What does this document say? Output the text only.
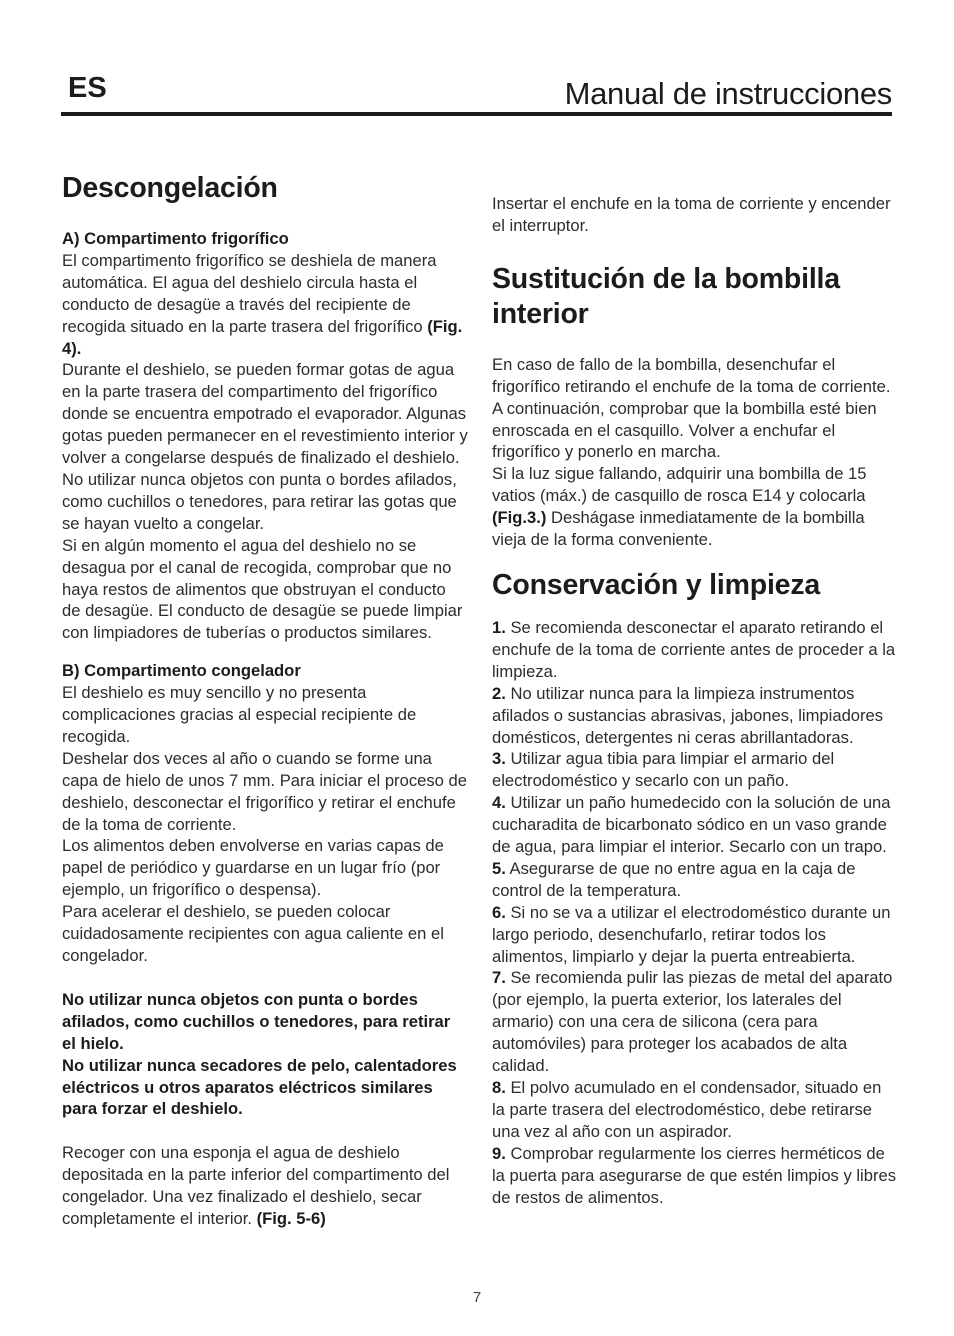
ES	Manual de instrucciones
Descongelación
A) Compartimento frigorífico

El compartimento frigorífico se deshiela de manera automática. El agua del deshielo circula hasta el conducto de desagüe a través del recipiente de recogida situado en la parte trasera del frigorífico (Fig. 4).

Durante el deshielo, se pueden formar gotas de agua en la parte trasera del compartimento del frigorífico donde se encuentra empotrado el evaporador. Algunas gotas pueden permanecer en el revestimiento interior y volver a congelarse después de finalizado el deshielo. No utilizar nunca objetos con punta o bordes afilados, como cuchillos o tenedores, para retirar las gotas que se hayan vuelto a congelar.

Si en algún momento el agua del deshielo no se desagua por el canal de recogida, comprobar que no haya restos de alimentos que obstruyan el conducto de desagüe. El conducto de desagüe se puede limpiar con limpiadores de tuberías o productos similares.

B) Compartimento congelador

El deshielo es muy sencillo y no presenta complicaciones gracias al especial recipiente de recogida.

Deshelar dos veces al año o cuando se forme una capa de hielo de unos 7 mm. Para iniciar el proceso de deshielo, desconectar el frigorífico y retirar el enchufe de la toma de corriente.

Los alimentos deben envolverse en varias capas de papel de periódico y guardarse en un lugar frío (por ejemplo, un frigorífico o despensa).

Para acelerar el deshielo, se pueden colocar cuidadosamente recipientes con agua caliente en el congelador.

No utilizar nunca objetos con punta o bordes afilados, como cuchillos o tenedores, para retirar el hielo.

No utilizar nunca secadores de pelo, calentadores eléctricos u otros aparatos eléctricos similares para forzar el deshielo.

Recoger con una esponja el agua de deshielo depositada en la parte inferior del compartimento del congelador. Una vez finalizado el deshielo, secar completamente el interior. (Fig. 5-6)

Insertar el enchufe en la toma de corriente y encender el interruptor.

Sustitución de la bombilla interior

En caso de fallo de la bombilla, desenchufar el frigorífico retirando el enchufe de la toma de corriente.

A continuación, comprobar que la bombilla esté bien enroscada en el casquillo. Volver a enchufar el frigorífico y ponerlo en marcha.

Si la luz sigue fallando, adquirir una bombilla de 15 vatios (máx.) de casquillo de rosca E14 y colocarla (Fig.3.) Deshágase inmediatamente de la bombilla vieja de la forma conveniente.

Conservación y limpieza

1. Se recomienda desconectar el aparato retirando el enchufe de la toma de corriente antes de proceder a la limpieza.

2. No utilizar nunca para la limpieza instrumentos afilados o sustancias abrasivas, jabones, limpiadores domésticos, detergentes ni ceras abrillantadoras.

3. Utilizar agua tibia para limpiar el armario del electrodoméstico y secarlo con un paño.

4. Utilizar un paño humedecido con la solución de una cucharadita de bicarbonato sódico en un vaso grande de agua, para limpiar el interior. Secarlo con un trapo.

5. Asegurarse de que no entre agua en la caja de control de la temperatura.

6. Si no se va a utilizar el electrodoméstico durante un largo periodo, desenchufarlo, retirar todos los alimentos, limpiarlo y dejar la puerta entreabierta.

7. Se recomienda pulir las piezas de metal del aparato (por ejemplo, la puerta exterior, los laterales del armario) con una cera de silicona (cera para automóviles) para proteger los acabados de alta calidad.

8. El polvo acumulado en el condensador, situado en la parte trasera del electrodoméstico, debe retirarse una vez al año con un aspirador.

9. Comprobar regularmente los cierres herméticos de la puerta para asegurarse de que estén limpios y libres de restos de alimentos.

7
